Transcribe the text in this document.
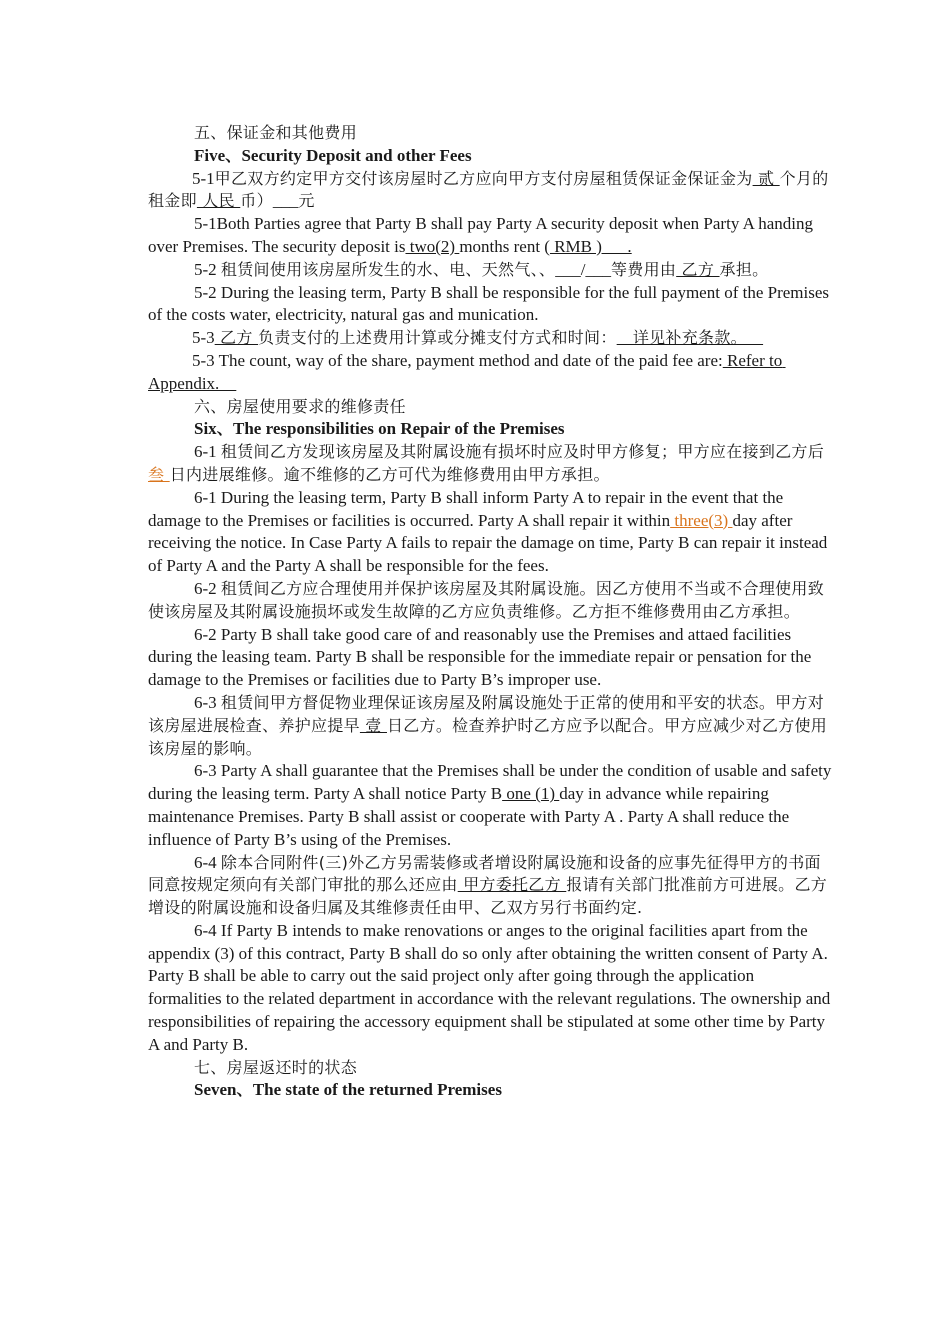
五、保证金和其他费用

Five、Security Deposit and other Fees

5-1甲乙双方约定甲方交付该房屋时乙方应向甲方支付房屋租赁保证金保证金为 贰 个月的租金即 人民 币）___元

5-1Both Parties agree that Party B shall pay Party A security deposit when Party A handing over Premises. The security deposit is two(2) months rent ( RMB )___.

5-2 租赁间使用该房屋所发生的水、电、天然气、、___/___等费用由 乙方 承担。

5-2 During the leasing term, Party B shall be responsible for the full payment of the Premises of the costs water, electricity, natural gas and munication.

5-3 乙方 负责支付的上述费用计算或分摊支付方式和时间：   详见补充条款。

5-3 The count, way of the share, payment method and date of the paid fee are: Refer to Appendix.

六、房屋使用要求的维修责任

Six、The responsibilities on Repair of the Premises

6-1 租赁间乙方发现该房屋及其附属设施有损坏时应及时甲方修复；甲方应在接到乙方后 叁 日内进展维修。逾不维修的乙方可代为维修费用由甲方承担。

6-1 During the leasing term, Party B shall inform Party A to repair in the event that the damage to the Premises or facilities is occurred. Party A shall repair it within three(3) day after receiving the notice. In Case Party A fails to repair the damage on time, Party B can repair it instead of Party A and the Party A shall be responsible for the fees.

6-2 租赁间乙方应合理使用并保护该房屋及其附属设施。因乙方使用不当或不合理使用致使该房屋及其附属设施损坏或发生故障的乙方应负责维修。乙方拒不维修费用由乙方承担。

6-2 Party B shall take good care of and reasonably use the Premises and attaed facilities during the leasing team. Party B shall be responsible for the immediate repair or pensation for the damage to the Premises or facilities due to Party B’s improper use.

6-3 租赁间甲方督促物业理保证该房屋及附属设施处于正常的使用和平安的状态。甲方对该房屋进展检查、养护应提早 壹 日乙方。检查养护时乙方应予以配合。甲方应减少对乙方使用该房屋的影响。

6-3 Party A shall guarantee that the Premises shall be under the condition of usable and safety during the leasing term. Party A shall notice Party B one (1) day in advance while repairing maintenance Premises. Party B shall assist or cooperate with Party A . Party A shall reduce the influence of Party B’s using of the Premises.

6-4 除本合同附件(三)外乙方另需装修或者增设附属设施和设备的应事先征得甲方的书面同意按规定须向有关部门审批的那么还应由 甲方委托乙方 报请有关部门批准前方可进展。乙方增设的附属设施和设备归属及其维修责任由甲、乙双方另行书面约定.

6-4 If Party B intends to make renovations or anges to the original facilities apart from the appendix (3) of this contract, Party B shall do so only after obtaining the written consent of Party A. Party B shall be able to carry out the said project only after going through the application formalities to the related department in accordance with the relevant regulations. The ownership and responsibilities of repairing the accessory equipment shall be stipulated at some other time by Party A and Party B.

七、房屋返还时的状态

Seven、The state of the returned Premises
